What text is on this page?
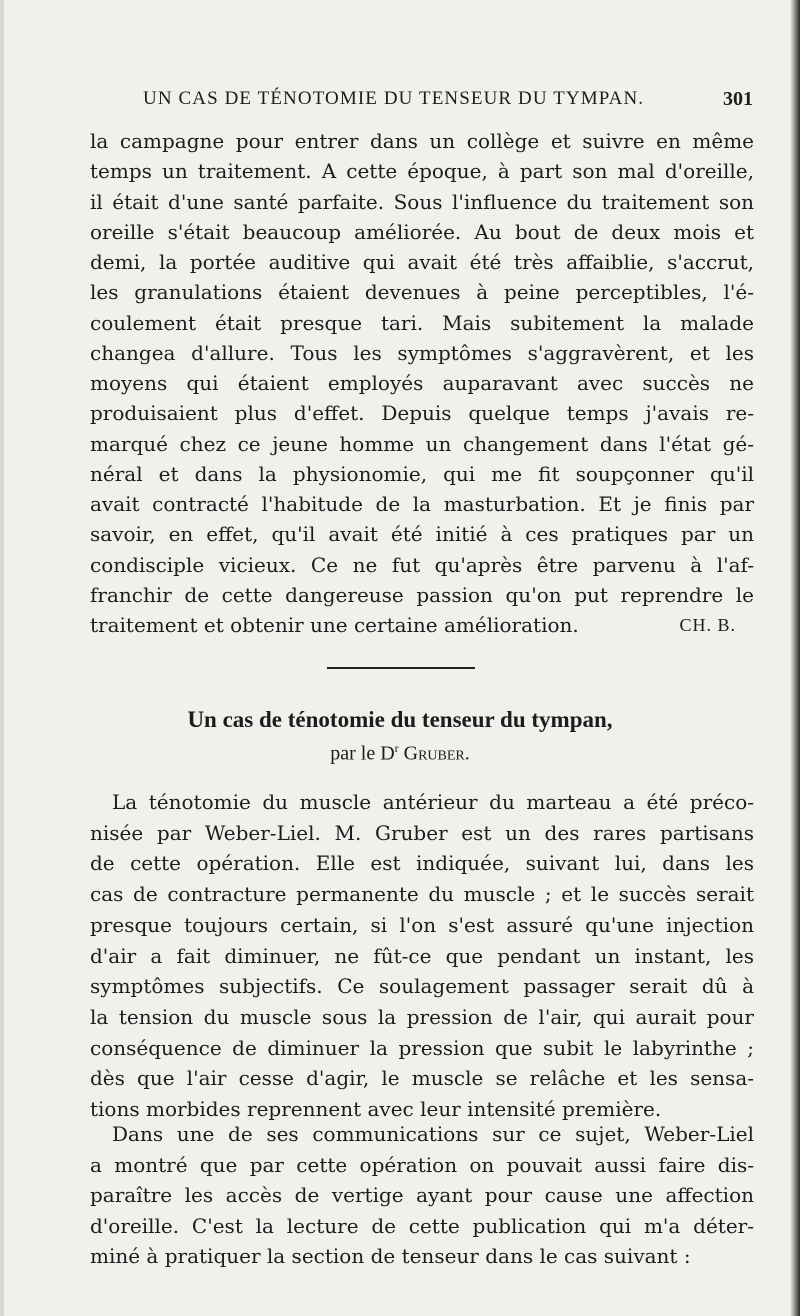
UN CAS DE TÉNOTOMIE DU TENSEUR DU TYMPAN.	301
la campagne pour entrer dans un collège et suivre en même
temps un traitement. A cette époque, à part son mal d'oreille,
il était d'une santé parfaite. Sous l'influence du traitement son
oreille s'était beaucoup améliorée. Au bout de deux mois et
demi, la portée auditive qui avait été très affaiblie, s'accrut,
les granulations étaient devenues à peine perceptibles, l'é-
coulement était presque tari. Mais subitement la malade
changea d'allure. Tous les symptômes s'aggravèrent, et les
moyens qui étaient employés auparavant avec succès ne
produisaient plus d'effet. Depuis quelque temps j'avais re-
marqué chez ce jeune homme un changement dans l'état gé-
néral et dans la physionomie, qui me fit soupçonner qu'il
avait contracté l'habitude de la masturbation. Et je finis par
savoir, en effet, qu'il avait été initié à ces pratiques par un
condisciple vicieux. Ce ne fut qu'après être parvenu à l'af-
franchir de cette dangereuse passion qu'on put reprendre le
traitement et obtenir une certaine amélioration.	CH. B.
Un cas de ténotomie du tenseur du tympan,
par le $D^r$ Gruber.
La ténotomie du muscle antérieur du marteau a été préco-
nisée par Weber-Liel. M. Gruber est un des rares partisans
de cette opération. Elle est indiquée, suivant lui, dans les
cas de contracture permanente du muscle ; et le succès serait
presque toujours certain, si l'on s'est assuré qu'une injection
d'air a fait diminuer, ne fût-ce que pendant un instant, les
symptômes subjectifs. Ce soulagement passager serait dû à
la tension du muscle sous la pression de l'air, qui aurait pour
conséquence de diminuer la pression que subit le labyrinthe ;
dès que l'air cesse d'agir, le muscle se relâche et les sensa-
tions morbides reprennent avec leur intensité première.
Dans une de ses communications sur ce sujet, Weber-Liel
a montré que par cette opération on pouvait aussi faire dis-
paraître les accès de vertige ayant pour cause une affection
d'oreille. C'est la lecture de cette publication qui m'a déter-
miné à pratiquer la section de tenseur dans le cas suivant :
